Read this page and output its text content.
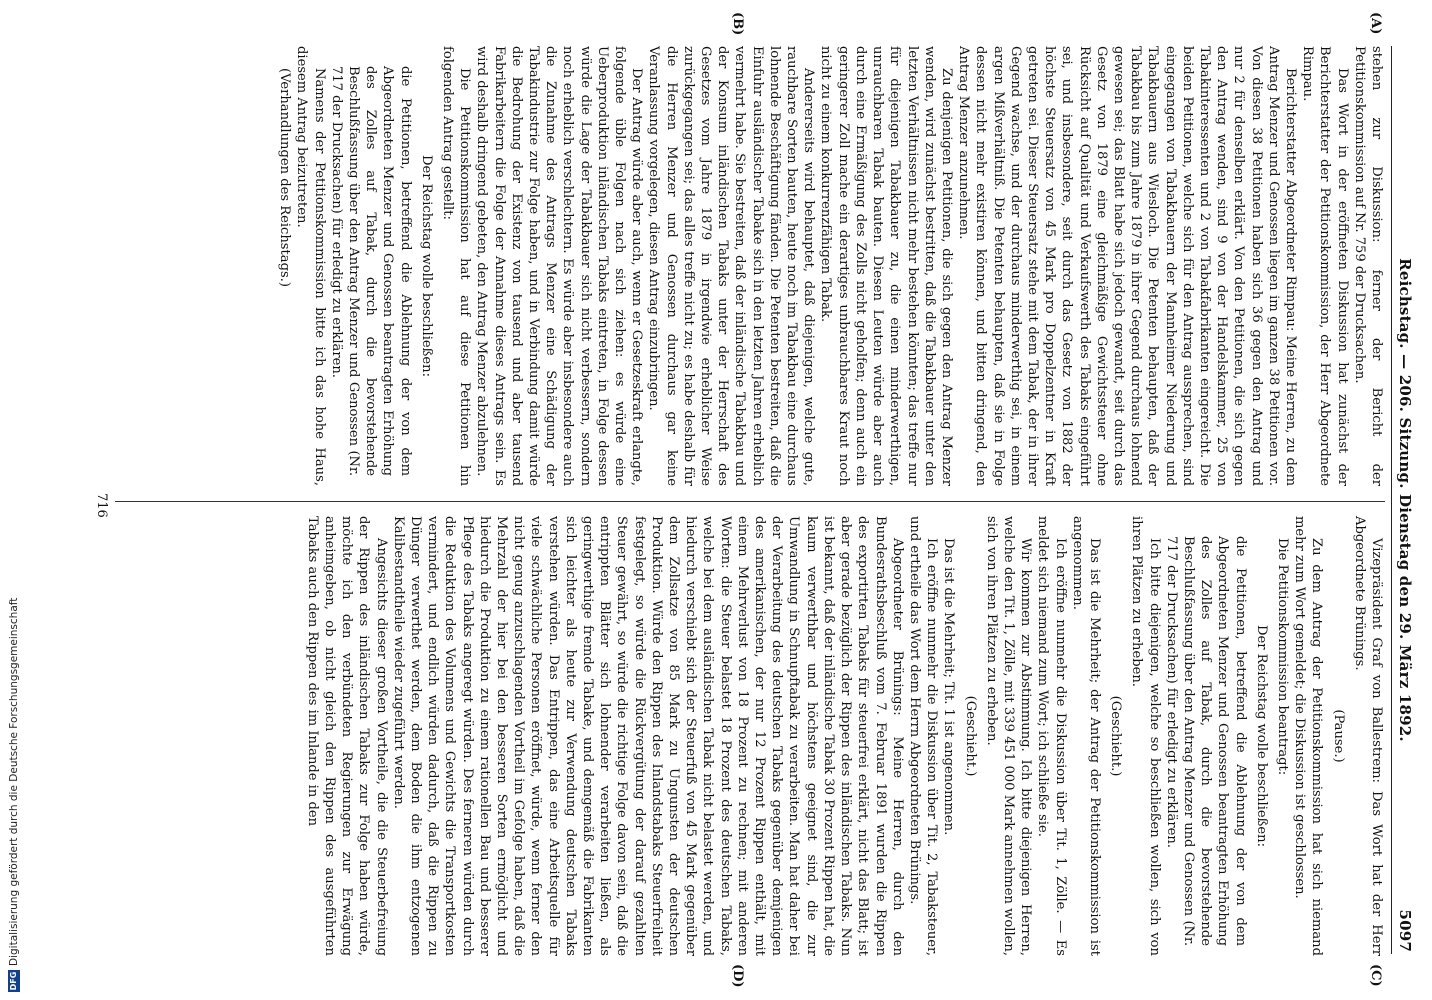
Reichstag. — 206. Sitzung. Dienstag den 29. März 1892.
5097
(A)
(B)
(C)
(D)

stehen zur Diskussion: ferner der Bericht der Petitionskommission auf Nr. 759 der Drucksachen.

Das Wort in der eröffneten Diskussion hat zunächst der Berichterstatter der Petitionskommission, der Herr Abgeordnete Rimpau.

Berichterstatter Abgeordneter Rimpau: Meine Herren, zu dem Antrag Menzer und Genossen liegen im ganzen 38 Petitionen vor. Von diesen 38 Petitionen haben sich 36 gegen den Antrag und nur 2 für denselben erklärt. Von den Petitionen, die sich gegen den Antrag wenden, sind 9 von der Handelskammer, 25 von Tabakinteressenten und 2 von Tabakfabrikanten eingereicht. Die beiden Petitionen, welche sich für den Antrag aussprechen, sind eingegangen von Tabakbauern der Mannheimer Niederung und Tabakbauern aus Wiesloch. Die Petenten behaupten, daß der Tabakbau bis zum Jahre 1879 in ihrer Gegend durchaus lohnend gewesen sei; das Blatt habe sich jedoch gewandt, seit durch das Gesetz von 1879 eine gleichmäßige Gewichtssteuer ohne Rücksicht auf Qualität und Verkaufswerth des Tabaks eingeführt sei, und insbesondere, seit durch das Gesetz von 1882 der höchste Steuersatz von 45 Mark pro Doppelzentner in Kraft getreten sei. Dieser Steuersatz stehe mit dem Tabak, der in ihrer Gegend wachse, und der durchaus minderwerthig sei, in einem argen Mißverhältniß. Die Petenten behaupten, daß sie in Folge dessen nicht mehr existiren können, und bitten dringend, den Antrag Menzer anzunehmen.

Zu denjenigen Petitionen, die sich gegen den Antrag Menzer wenden, wird zunächst bestritten, daß die Tabakbauer unter den letzten Verhältnissen nicht mehr bestehen könnten; das treffe nur für diejenigen Tabakbauer zu, die einen minderwerthigen, unrauchbaren Tabak bauten. Diesen Leuten würde aber auch durch eine Ermäßigung des Zolls nicht geholfen; denn auch ein geringerer Zoll mache ein derartiges unbrauchbares Kraut noch nicht zu einem konkurrenzfähigen Tabak.

Andererseits wird behauptet, daß diejenigen, welche gute, rauchbare Sorten bauten, heute noch im Tabakbau eine durchaus lohnende Beschäftigung fänden. Die Petenten bestreiten, daß die Einfuhr ausländischer Tabake sich in den letzten Jahren erheblich vermehrt habe. Sie bestreiten, daß der inländische Tabakbau und der Konsum inländischen Tabaks unter der Herrschaft des Gesetzes vom Jahre 1879 in irgendwie erheblicher Weise zurückgegangen sei; das alles treffe nicht zu; es habe deshalb für die Herren Menzer und Genossen durchaus gar keine Veranlassung vorgelegen, diesen Antrag einzubringen.

Der Antrag würde aber auch, wenn er Gesetzeskraft erlangte, folgende üble Folgen nach sich ziehen: es würde eine Ueberproduktion inländischen Tabaks eintreten, in Folge dessen würde die Lage der Tabakbauer sich nicht verbessern, sondern noch erheblich verschlechtern. Es würde aber insbesondere auch die Zunahme des Antrags Menzer eine Schädigung der Tabakindustrie zur Folge haben, und in Verbindung damit würde die Bedrohung der Existenz von tausend und aber tausend Fabrikarbeitern die Folge der Annahme dieses Antrags sein. Es wird deshalb dringend gebeten, den Antrag Menzer abzulehnen.

Die Petitionskommission hat auf diese Petitionen hin folgenden Antrag gestellt:

Der Reichstag wolle beschließen:

die Petitionen, betreffend die Ablehnung der von dem Abgeordneten Menzer und Genossen beantragten Erhöhung des Zolles auf Tabak, durch die bevorstehende Beschlußfassung über den Antrag Menzer und Genossen (Nr. 717 der Drucksachen) für erledigt zu erklären.

Namens der Petitionskommission bitte ich das hohe Haus, diesem Antrag beizutreten.

(Verhandlungen des Reichstags.)

Vizepräsident Graf von Ballestrem: Das Wort hat der Herr Abgeordnete Brünings.

(Pause.)

Zu dem Antrag der Petitionskommission hat sich niemand mehr zum Wort gemeldet; die Diskussion ist geschlossen.

Die Petitionskommission beantragt:

Der Reichstag wolle beschließen:

die Petitionen, betreffend die Ablehnung der von dem Abgeordneten Menzer und Genossen beantragten Erhöhung des Zolles auf Tabak, durch die bevorstehende Beschlußfassung über den Antrag Menzer und Genossen (Nr. 717 der Drucksachen) für erledigt zu erklären.

Ich bitte diejenigen, welche so beschließen wollen, sich von ihren Plätzen zu erheben.

(Geschieht.)

Das ist die Mehrheit; der Antrag der Petitionskommission ist angenommen.

Ich eröffne nunmehr die Diskussion über Tit. 1, Zölle. — Es meldet sich niemand zum Wort; ich schließe sie.

Wir kommen zur Abstimmung. Ich bitte diejenigen Herren, welche den Tit. 1, Zölle, mit 339 451 000 Mark annehmen wollen, sich von ihren Plätzen zu erheben.

(Geschieht.)

Das ist die Mehrheit; Tit. 1 ist angenommen.

Ich eröffne nunmehr die Diskussion über Tit. 2, Tabaksteuer, und ertheile das Wort dem Herrn Abgeordneten Brünings.

Abgeordneter Brünings: Meine Herren, durch den Bundesrathsbeschluß vom 7. Februar 1891 wurden die Rippen des exportirten Tabaks für steuerfrei erklärt, nicht das Blatt; ist aber gerade bezüglich der Rippen des inländischen Tabaks. Nun ist bekannt, daß der inländische Tabak 30 Prozent Rippen hat, die kaum verwerthbar und höchstens geeignet sind, die zur Umwandlung in Schnupftabak zu verarbeiten. Man hat daher bei der Verarbeitung des deutschen Tabaks gegenüber demjenigen des amerikanischen, der nur 12 Prozent Rippen enthält, mit einem Mehrverlust von 18 Prozent zu rechnen; mit anderen Worten: die Steuer belastet 18 Prozent des deutschen Tabaks, welche bei dem ausländischen Tabak nicht belastet werden, und hiedurch verschiebt sich der Steuerfuß von 45 Mark gegenüber dem Zollsatze von 85 Mark zu Ungunsten der deutschen Produktion. Würde den Rippen des Inlandstabaks Steuerfreiheit festgelegt, so würde die Rückvergütung der darauf gezahlten Steuer gewährt, so würde die richtige Folge davon sein, daß die entrippten Blätter sich lohnender verarbeiten ließen, als geringwerthige fremde Tabake, und demgemäß die Fabrikanten sich leichter als heute zur Verwendung deutschen Tabaks verstehen würden. Das Entrippen, das eine Arbeitsquelle für viele schwächliche Personen eröffnet, würde, wenn ferner den nicht genug anzuschlagenden Vortheil im Gefolge haben, daß die Mehrzahl der hier bei den besseren Sorten ermöglicht und hiedurch die Produktion zu einem rationellen Bau und besserer Pflege des Tabaks angeregt würden. Des ferneren würden durch die Reduktion des Volumens und Gewichts die Transportkosten vermindert, und endlich würden dadurch, daß die Rippen zu Dünger verwerthet werden, dem Boden die ihm entzogenen Kalibestandtheile wieder zugeführt werden.

Angesichts dieser großen Vortheile, die die Steuerbefreiung der Rippen des inländischen Tabaks zur Folge haben würde, möchte ich den verbündeten Regierungen zur Erwägung anheimgeben, ob nicht gleich den Rippen des ausgeführten Tabaks auch den Rippen des im Inlande in den

716
DFG
Digitalisierung gefördert durch die Deutsche Forschungsgemeinschaft
